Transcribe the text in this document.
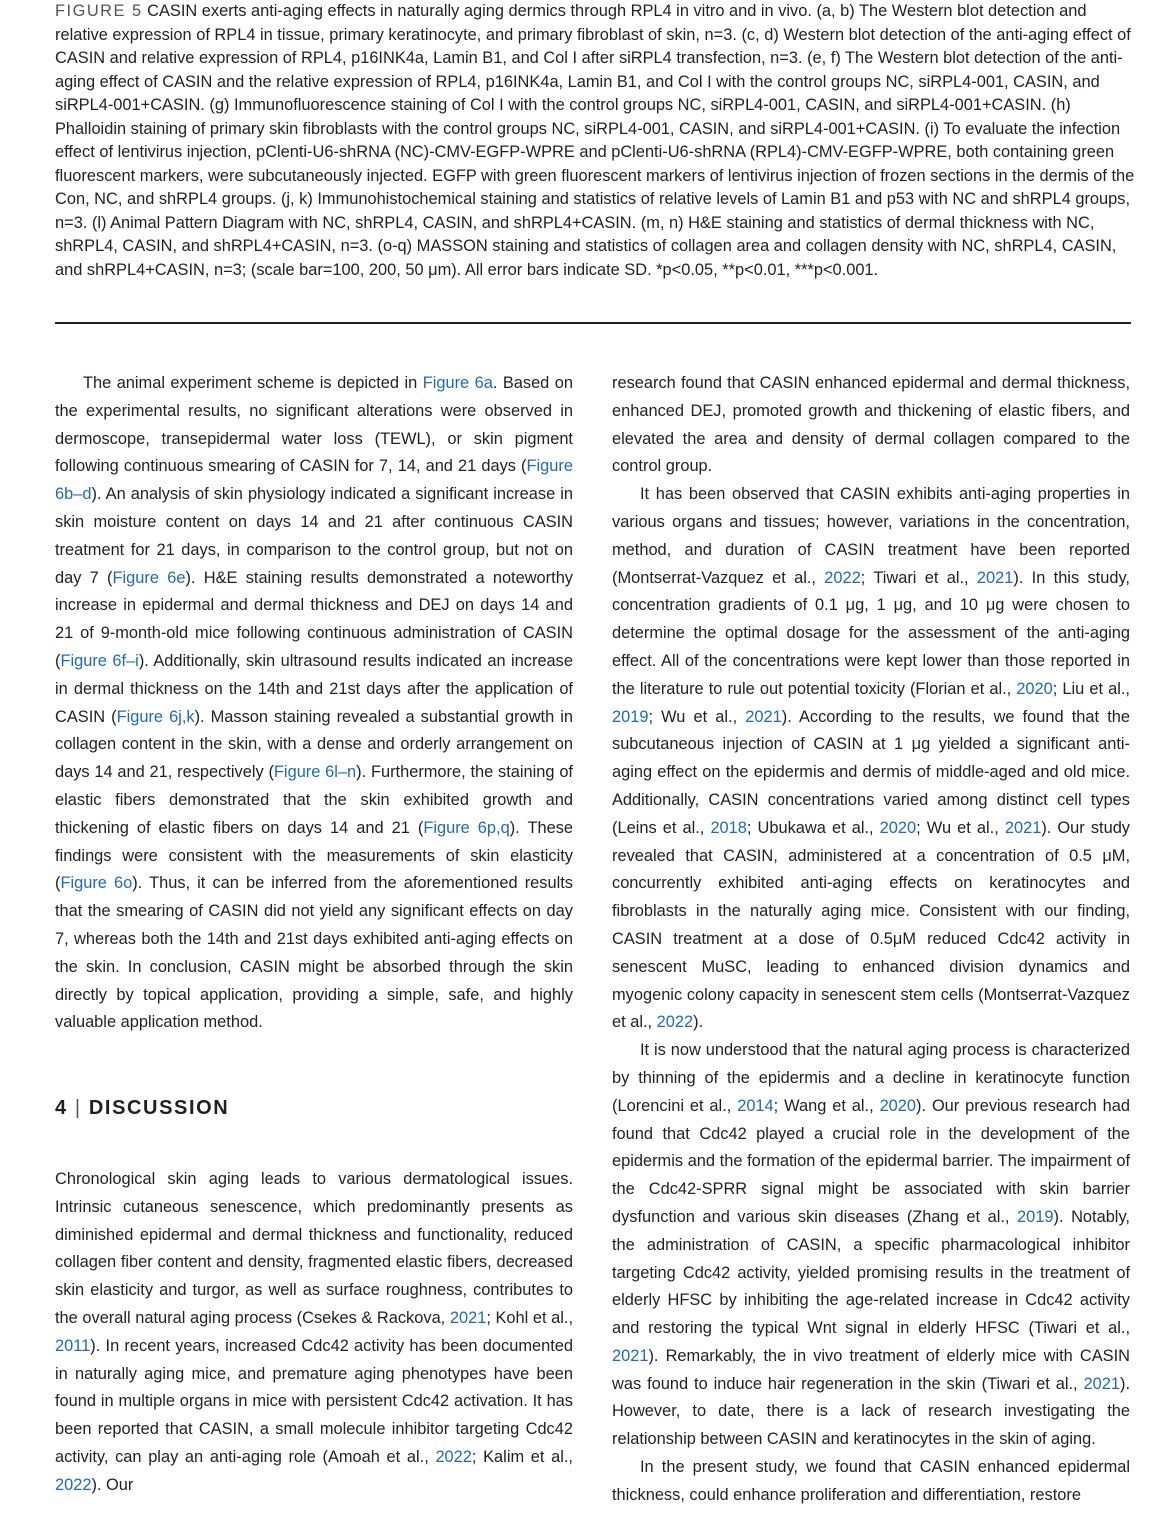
FIGURE 5 CASIN exerts anti-aging effects in naturally aging dermics through RPL4 in vitro and in vivo. (a, b) The Western blot detection and relative expression of RPL4 in tissue, primary keratinocyte, and primary fibroblast of skin, n=3. (c, d) Western blot detection of the anti-aging effect of CASIN and relative expression of RPL4, p16INK4a, Lamin B1, and Col I after siRPL4 transfection, n=3. (e, f) The Western blot detection of the anti-aging effect of CASIN and the relative expression of RPL4, p16INK4a, Lamin B1, and Col I with the control groups NC, siRPL4-001, CASIN, and siRPL4-001+CASIN. (g) Immunofluorescence staining of Col I with the control groups NC, siRPL4-001, CASIN, and siRPL4-001+CASIN. (h) Phalloidin staining of primary skin fibroblasts with the control groups NC, siRPL4-001, CASIN, and siRPL4-001+CASIN. (i) To evaluate the infection effect of lentivirus injection, pClenti-U6-shRNA (NC)-CMV-EGFP-WPRE and pClenti-U6-shRNA (RPL4)-CMV-EGFP-WPRE, both containing green fluorescent markers, were subcutaneously injected. EGFP with green fluorescent markers of lentivirus injection of frozen sections in the dermis of the Con, NC, and shRPL4 groups. (j, k) Immunohistochemical staining and statistics of relative levels of Lamin B1 and p53 with NC and shRPL4 groups, n=3. (l) Animal Pattern Diagram with NC, shRPL4, CASIN, and shRPL4+CASIN. (m, n) H&E staining and statistics of dermal thickness with NC, shRPL4, CASIN, and shRPL4+CASIN, n=3. (o-q) MASSON staining and statistics of collagen area and collagen density with NC, shRPL4, CASIN, and shRPL4+CASIN, n=3; (scale bar=100, 200, 50 μm). All error bars indicate SD. *p<0.05, **p<0.01, ***p<0.001.

The animal experiment scheme is depicted in Figure 6a. Based on the experimental results, no significant alterations were observed in dermoscope, transepidermal water loss (TEWL), or skin pigment following continuous smearing of CASIN for 7, 14, and 21 days (Figure 6b–d). An analysis of skin physiology indicated a significant increase in skin moisture content on days 14 and 21 after continuous CASIN treatment for 21 days, in comparison to the control group, but not on day 7 (Figure 6e). H&E staining results demonstrated a noteworthy increase in epidermal and dermal thickness and DEJ on days 14 and 21 of 9-month-old mice following continuous administration of CASIN (Figure 6f–i). Additionally, skin ultrasound results indicated an increase in dermal thickness on the 14th and 21st days after the application of CASIN (Figure 6j,k). Masson staining revealed a substantial growth in collagen content in the skin, with a dense and orderly arrangement on days 14 and 21, respectively (Figure 6l–n). Furthermore, the staining of elastic fibers demonstrated that the skin exhibited growth and thickening of elastic fibers on days 14 and 21 (Figure 6p,q). These findings were consistent with the measurements of skin elasticity (Figure 6o). Thus, it can be inferred from the aforementioned results that the smearing of CASIN did not yield any significant effects on day 7, whereas both the 14th and 21st days exhibited anti-aging effects on the skin. In conclusion, CASIN might be absorbed through the skin directly by topical application, providing a simple, safe, and highly valuable application method.

4 | DISCUSSION

Chronological skin aging leads to various dermatological issues. Intrinsic cutaneous senescence, which predominantly presents as diminished epidermal and dermal thickness and functionality, reduced collagen fiber content and density, fragmented elastic fibers, decreased skin elasticity and turgor, as well as surface roughness, contributes to the overall natural aging process (Csekes & Rackova, 2021; Kohl et al., 2011). In recent years, increased Cdc42 activity has been documented in naturally aging mice, and premature aging phenotypes have been found in multiple organs in mice with persistent Cdc42 activation. It has been reported that CASIN, a small molecule inhibitor targeting Cdc42 activity, can play an anti-aging role (Amoah et al., 2022; Kalim et al., 2022). Our

research found that CASIN enhanced epidermal and dermal thickness, enhanced DEJ, promoted growth and thickening of elastic fibers, and elevated the area and density of dermal collagen compared to the control group.

It has been observed that CASIN exhibits anti-aging properties in various organs and tissues; however, variations in the concentration, method, and duration of CASIN treatment have been reported (Montserrat-Vazquez et al., 2022; Tiwari et al., 2021). In this study, concentration gradients of 0.1 μg, 1 μg, and 10 μg were chosen to determine the optimal dosage for the assessment of the anti-aging effect. All of the concentrations were kept lower than those reported in the literature to rule out potential toxicity (Florian et al., 2020; Liu et al., 2019; Wu et al., 2021). According to the results, we found that the subcutaneous injection of CASIN at 1 μg yielded a significant anti-aging effect on the epidermis and dermis of middle-aged and old mice. Additionally, CASIN concentrations varied among distinct cell types (Leins et al., 2018; Ubukawa et al., 2020; Wu et al., 2021). Our study revealed that CASIN, administered at a concentration of 0.5 μM, concurrently exhibited anti-aging effects on keratinocytes and fibroblasts in the naturally aging mice. Consistent with our finding, CASIN treatment at a dose of 0.5μM reduced Cdc42 activity in senescent MuSC, leading to enhanced division dynamics and myogenic colony capacity in senescent stem cells (Montserrat-Vazquez et al., 2022).

It is now understood that the natural aging process is characterized by thinning of the epidermis and a decline in keratinocyte function (Lorencini et al., 2014; Wang et al., 2020). Our previous research had found that Cdc42 played a crucial role in the development of the epidermis and the formation of the epidermal barrier. The impairment of the Cdc42-SPRR signal might be associated with skin barrier dysfunction and various skin diseases (Zhang et al., 2019). Notably, the administration of CASIN, a specific pharmacological inhibitor targeting Cdc42 activity, yielded promising results in the treatment of elderly HFSC by inhibiting the age-related increase in Cdc42 activity and restoring the typical Wnt signal in elderly HFSC (Tiwari et al., 2021). Remarkably, the in vivo treatment of elderly mice with CASIN was found to induce hair regeneration in the skin (Tiwari et al., 2021). However, to date, there is a lack of research investigating the relationship between CASIN and keratinocytes in the skin of aging.

In the present study, we found that CASIN enhanced epidermal thickness, could enhance proliferation and differentiation, restore
